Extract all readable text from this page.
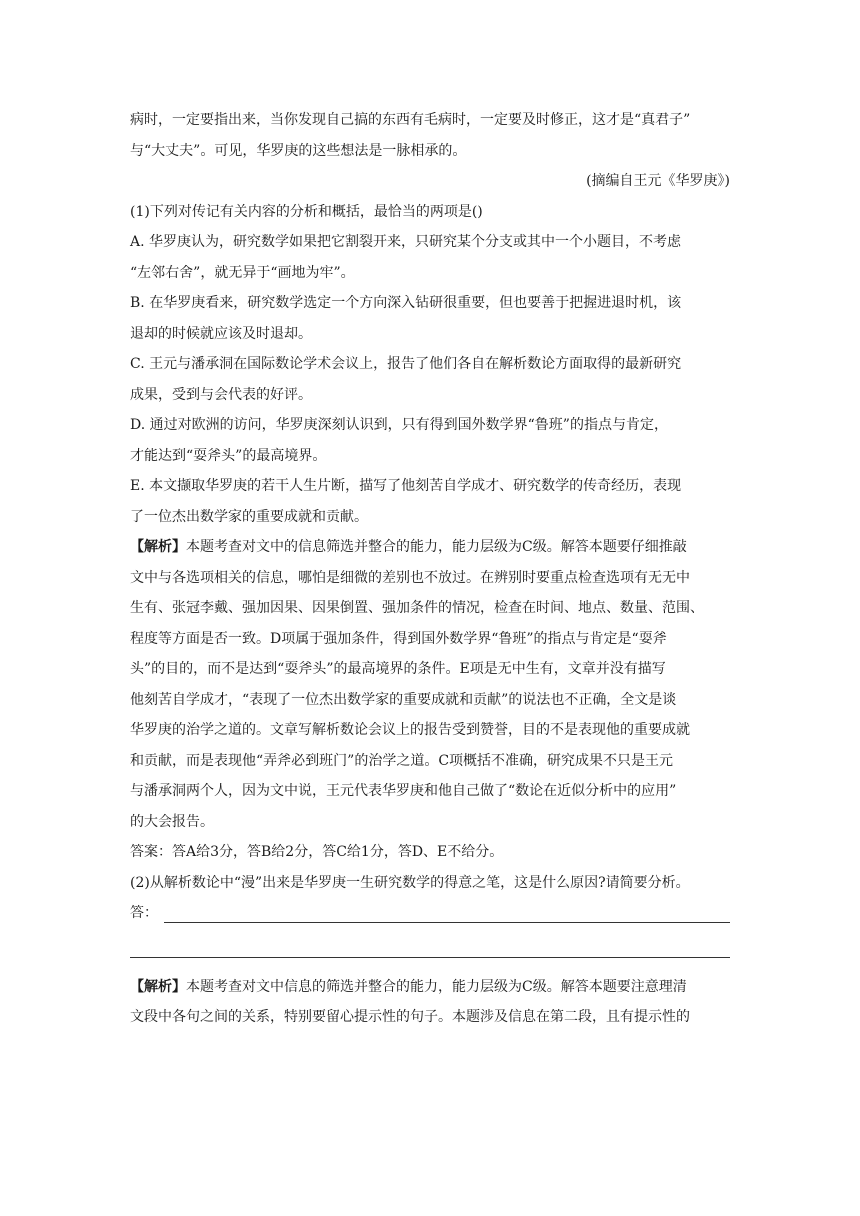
病时，一定要指出来，当你发现自己搞的东西有毛病时，一定要及时修正，这才是“真君子”

与“大丈夫”。可见，华罗庚的这些想法是一脉相承的。

(摘编自王元《华罗庚》)

(1)下列对传记有关内容的分析和概括，最恰当的两项是()

A. 华罗庚认为，研究数学如果把它割裂开来，只研究某个分支或其中一个小题目，不考虑

“左邻右舍”，就无异于“画地为牢”。

B. 在华罗庚看来，研究数学选定一个方向深入钻研很重要，但也要善于把握进退时机，该

退却的时候就应该及时退却。

C. 王元与潘承洞在国际数论学术会议上，报告了他们各自在解析数论方面取得的最新研究

成果，受到与会代表的好评。

D. 通过对欧洲的访问，华罗庚深刻认识到，只有得到国外数学界“鲁班”的指点与肯定，

才能达到“耍斧头”的最高境界。

E. 本文撷取华罗庚的若干人生片断，描写了他刻苦自学成才、研究数学的传奇经历，表现

了一位杰出数学家的重要成就和贡献。

【解析】本题考查对文中的信息筛选并整合的能力，能力层级为C级。解答本题要仔细推敲

文中与各选项相关的信息，哪怕是细微的差别也不放过。在辨别时要重点检查选项有无无中

生有、张冠李戴、强加因果、因果倒置、强加条件的情况，检查在时间、地点、数量、范围、

程度等方面是否一致。D项属于强加条件，得到国外数学界“鲁班”的指点与肯定是“耍斧

头”的目的，而不是达到“耍斧头”的最高境界的条件。E项是无中生有，文章并没有描写

他刻苦自学成才，“表现了一位杰出数学家的重要成就和贡献”的说法也不正确，全文是谈

华罗庚的治学之道的。文章写解析数论会议上的报告受到赞誉，目的不是表现他的重要成就

和贡献，而是表现他“弄斧必到班门”的治学之道。C项概括不准确，研究成果不只是王元

与潘承洞两个人，因为文中说，王元代表华罗庚和他自己做了“数论在近似分析中的应用”

的大会报告。

答案：答A给3分，答B给2分，答C给1分，答D、E不给分。

(2)从解析数论中“漫”出来是华罗庚一生研究数学的得意之笔，这是什么原因?请简要分析。

答：

【解析】本题考查对文中信息的筛选并整合的能力，能力层级为C级。解答本题要注意理清

文段中各句之间的关系，特别要留心提示性的句子。本题涉及信息在第二段，且有提示性的
